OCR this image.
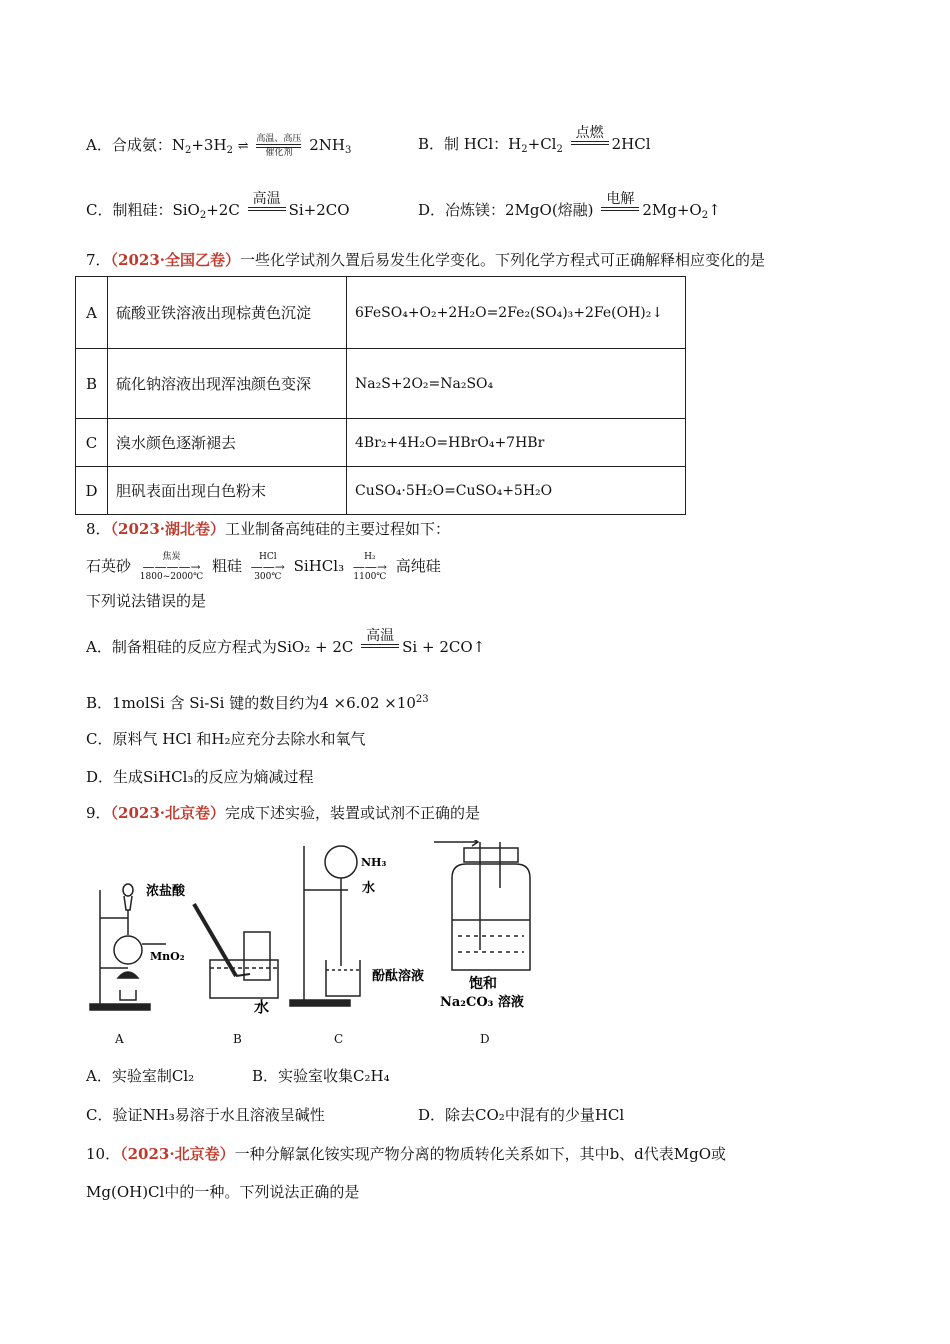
A．合成氨：$N_2+3H_2$ ⇌ 高温、高压
催化剂	$2NH_3$	B．制 HCl：$H_2+Cl_2$
点燃
2HCl
C．制粗硅：SiO$_2$+2C
高温
Si+2CO	D．冶炼镁：2MgO(熔融)
电解
$2Mg+O_2↑$
7．（2023·全国乙卷）一些化学试剂久置后易发生化学变化。下列化学方程式可正确解释相应变化的是
A	硫酸亚铁溶液出现棕黄色沉淀	6FeSO₄+O₂+2H₂O=2Fe₂(SO₄)₃+2Fe(OH)₂↓
B	硫化钠溶液出现浑浊颜色变深	Na₂S+2O₂=Na₂SO₄
C	溴水颜色逐渐褪去	4Br₂+4H₂O=HBrO₄+7HBr
D	胆矾表面出现白色粉末	CuSO₄·5H₂O=CuSO₄+5H₂O
8．（2023·湖北卷）工业制备高纯硅的主要过程如下：
石英砂	焦炭
————→
1800~2000℃
粗硅	HCl
——→
300℃
SiHCl₃	H₂
——→
1100℃
高纯硅
下列说法错误的是
A．制备粗硅的反应方程式为SiO₂ + 2C
高温
Si + 2CO↑
B．1molSi 含 Si-Si 键的数目约为$4 \times 6.02 \times 10^{23}$
C．原料气 HCl 和H₂应充分去除水和氧气
D．生成SiHCl₃的反应为熵减过程
9．（2023·北京卷）完成下述实验，装置或试剂不正确的是
浓盐酸
MnO₂
水
NH₃
水
酚酞溶液	饱和
Na₂CO₃ 溶液
A	B	C	D
A．实验室制Cl₂	B．实验室收集C₂H₄
C．验证NH₃易溶于水且溶液呈碱性	D．除去CO₂中混有的少量HCl
10．（2023·北京卷）一种分解氯化铵实现产物分离的物质转化关系如下，其中b、d代表MgO或
Mg(OH)Cl中的一种。下列说法正确的是
